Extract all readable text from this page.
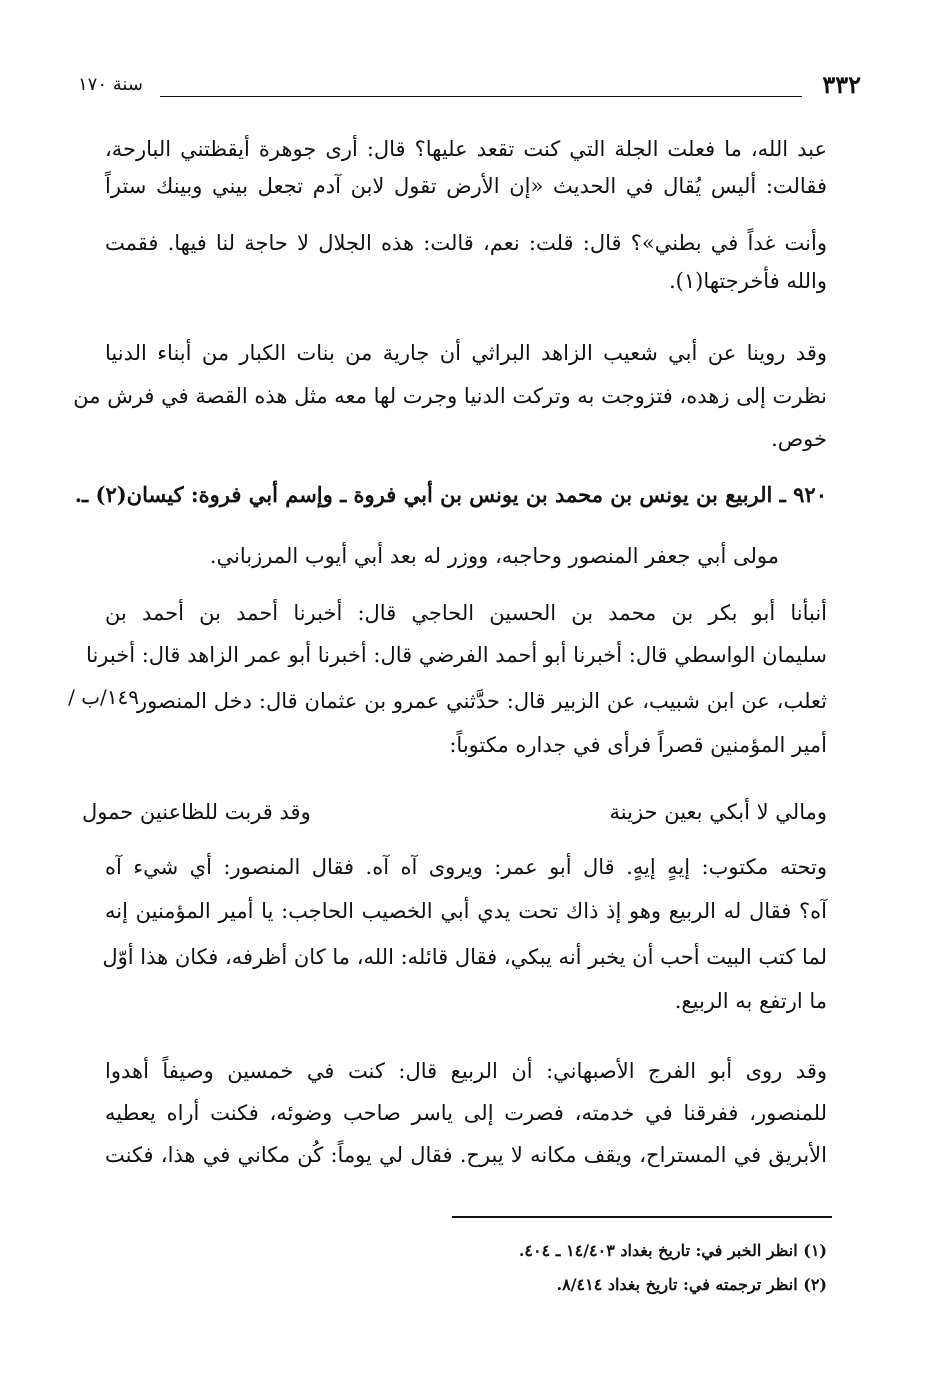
٣٣٢
سنة ١٧٠
عبد الله، ما فعلت الجلة التي كنت تقعد عليها؟ قال: أرى جوهرة أيقظتني البارحة،
فقالت: أليس يُقال في الحديث «إن الأرض تقول لابن آدم تجعل بيني وبينك ستراً
وأنت غداً في بطني»؟ قال: قلت: نعم، قالت: هذه الجلال لا حاجة لنا فيها. فقمت
والله فأخرجتها(١).
وقد روينا عن أبي شعيب الزاهد البراثي أن جارية من بنات الكبار من أبناء الدنيا
نظرت إلى زهده، فتزوجت به وتركت الدنيا وجرت لها معه مثل هذه القصة في فرش من
خوص.
٩٢٠ ـ الربيع بن يونس بن محمد بن يونس بن أبي فروة ـ وإسم أبي فروة: كيسان(٢) ـ.
مولى أبي جعفر المنصور وحاجبه، ووزر له بعد أبي أيوب المرزباني.
أنبأنا أبو بكر بن محمد بن الحسين الحاجي قال: أخبرنا أحمد بن أحمد بن
سليمان الواسطي قال: أخبرنا أبو أحمد الفرضي قال: أخبرنا أبو عمر الزاهد قال: أخبرنا
١٤٩/ب /
ثعلب، عن ابن شبيب، عن الزبير قال: حدَّثني عمرو بن عثمان قال: دخل المنصور
أمير المؤمنين قصراً فرأى في جداره مكتوباً:
ومالي لا أبكي بعين حزينة
وقد قربت للظاعنين حمول
وتحته مكتوب: إيهٍ إيهٍ. قال أبو عمر: ويروى آه آه. فقال المنصور: أي شيء آه
آه؟ فقال له الربيع وهو إذ ذاك تحت يدي أبي الخصيب الحاجب: يا أمير المؤمنين إنه
لما كتب البيت أحب أن يخبر أنه يبكي، فقال قائله: الله، ما كان أظرفه، فكان هذا أوّل
ما ارتفع به الربيع.
وقد روى أبو الفرج الأصبهاني: أن الربيع قال: كنت في خمسين وصيفاً أهدوا
للمنصور، ففرقنا في خدمته، فصرت إلى ياسر صاحب وضوئه، فكنت أراه يعطيه
الأبريق في المستراح، ويقف مكانه لا يبرح. فقال لي يوماً: كُن مكاني في هذا، فكنت
(١) انظر الخبر في: تاريخ بغداد ١٤/٤٠٣ ـ ٤٠٤.
(٢) انظر ترجمته في: تاريخ بغداد ٨/٤١٤.
